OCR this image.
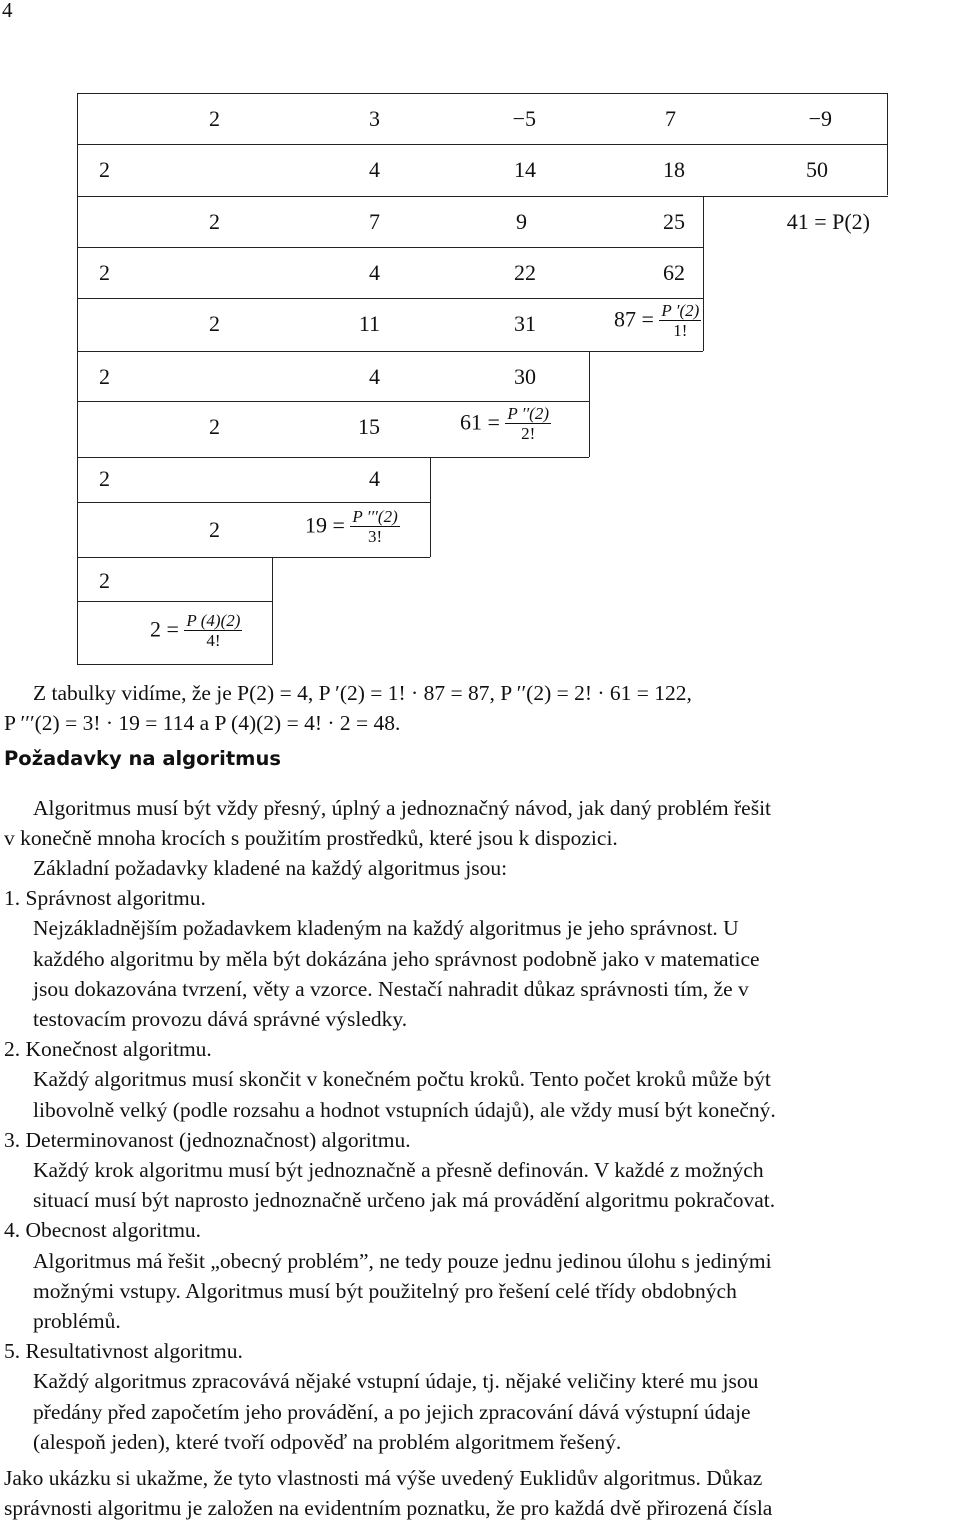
4
2	3	−5	7	−9
2	4	14	18	50
2	7	9	25	41 = P(2)
2	4	22	62
2	11	31	$87 = \frac{P '(2)}{1!}$
2	4	30
2	15	$61 = \frac{P ''(2)}{2!}$
2	4
2	$19 = \frac{P '''(2)}{3!}$
2
$2 = \frac{P (4)(2)}{4!}$

Z tabulky vidíme, že je P(2) = 4, P ′(2) = 1! · 87 = 87, P ′′(2) = 2! · 61 = 122,

P ′′′(2) = 3! · 19 = 114 a P (4)(2) = 4! · 2 = 48.

Požadavky na algoritmus

Algoritmus musí být vždy přesný, úplný a jednoznačný návod, jak daný problém řešit

v konečně mnoha krocích s použitím prostředků, které jsou k dispozici.

Základní požadavky kladené na každý algoritmus jsou:

1. Správnost algoritmu.

Nejzákladnějším požadavkem kladeným na každý algoritmus je jeho správnost. U

každého algoritmu by měla být dokázána jeho správnost podobně jako v matematice

jsou dokazována tvrzení, věty a vzorce. Nestačí nahradit důkaz správnosti tím, že v

testovacím provozu dává správné výsledky.

2. Konečnost algoritmu.

Každý algoritmus musí skončit v konečném počtu kroků. Tento počet kroků může být

libovolně velký (podle rozsahu a hodnot vstupních údajů), ale vždy musí být konečný.

3. Determinovanost (jednoznačnost) algoritmu.

Každý krok algoritmu musí být jednoznačně a přesně definován. V každé z možných

situací musí být naprosto jednoznačně určeno jak má provádění algoritmu pokračovat.

4. Obecnost algoritmu.

Algoritmus má řešit „obecný problém”, ne tedy pouze jednu jedinou úlohu s jedinými

možnými vstupy. Algoritmus musí být použitelný pro řešení celé třídy obdobných

problémů.

5. Resultativnost algoritmu.

Každý algoritmus zpracovává nějaké vstupní údaje, tj. nějaké veličiny které mu jsou

předány před započetím jeho provádění, a po jejich zpracování dává výstupní údaje

(alespoň jeden), které tvoří odpověď na problém algoritmem řešený.

Jako ukázku si ukažme, že tyto vlastnosti má výše uvedený Euklidův algoritmus. Důkaz

správnosti algoritmu je založen na evidentním poznatku, že pro každá dvě přirozená čísla
